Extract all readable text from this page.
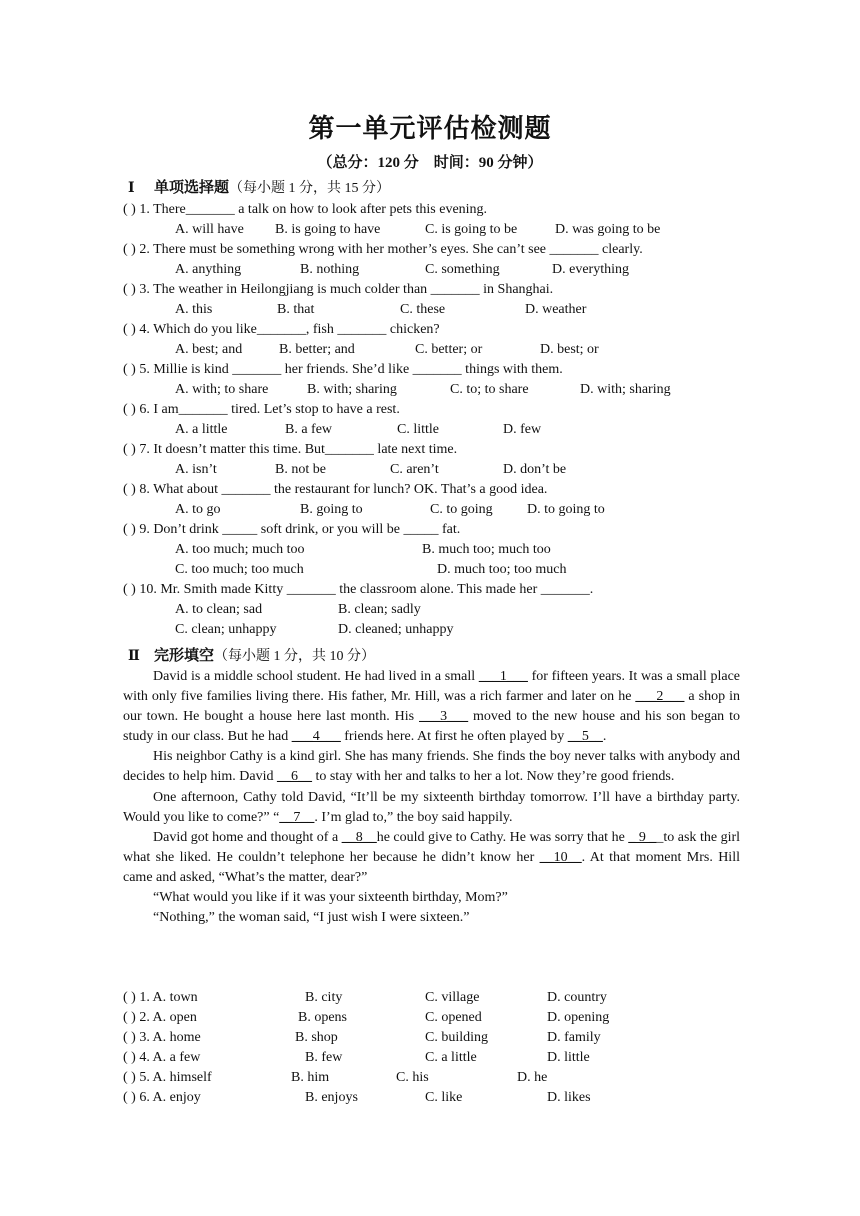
第一单元评估检测题
（总分：120 分　时间：90 分钟）
Ⅰ 单项选择题（每小题 1 分，共 15 分）
( ) 1. There_______ a talk on how to look after pets this evening.
A. will have B. is going to have	C. is going to be	D. was going to be
( ) 2. There must be something wrong with her mother’s eyes. She can’t see _______ clearly.
A. anything	B. nothing	C. something	D. everything
( ) 3. The weather in Heilongjiang is much colder than _______ in Shanghai.
A. this	B. that	C. these	D. weather
( ) 4. Which do you like_______, fish _______ chicken?
A. best; and	B. better; and	C. better; or	D. best; or
( ) 5. Millie is kind _______ her friends. She’d like _______ things with them.
A. with; to share	B. with; sharing	C. to; to share	D. with; sharing
( ) 6. I am_______ tired. Let’s stop to have a rest.
A. a little	B. a few	C. little	D. few
( ) 7. It doesn’t matter this time. But_______ late next time.
A. isn’t	B. not be	C. aren’t	D. don’t be
( ) 8. What about _______ the restaurant for lunch? OK. That’s a good idea.
A. to go	B. going to	C. to going D. to going to
( ) 9. Don’t drink _____ soft drink, or you will be _____ fat.
A. too much; much too	B. much too; much too
C. too much; too much	D. much too; too much
( ) 10. Mr. Smith made Kitty _______ the classroom alone. This made her _______.
A. to clean; sad	B. clean; sadly
C. clean; unhappy	D. cleaned; unhappy
Ⅱ 完形填空（每小题 1 分，共 10 分）

David is a middle school student. He had lived in a small ___1___ for fifteen years. It was a small place with only five families living there. His father, Mr. Hill, was a rich farmer and later on he ___2___ a shop in our town. He bought a house here last month. His ___3___ moved to the new house and his son began to study in our class. But he had ___4___ friends here. At first he often played by __5__.

His neighbor Cathy is a kind girl. She has many friends. She finds the boy never talks with anybody and decides to help him. David __6__ to stay with her and talks to her a lot. Now they’re good friends.

One afternoon, Cathy told David, “It’ll be my sixteenth birthday tomorrow. I’ll have a birthday party. Would you like to come?” “__7__. I’m glad to,” the boy said happily.

David got home and thought of a __8__he could give to Cathy. He was sorry that he _ 9 __to ask the girl what she liked. He couldn’t telephone her because he didn’t know her __10__. At that moment Mrs. Hill came and asked, “What’s the matter, dear?”

“What would you like if it was your sixteenth birthday, Mom?”

“Nothing,” the woman said, “I just wish I were sixteen.”

( ) 1. A. town	B. city	C. village	D. country
( ) 2. A. open	B. opens	C. opened	D. opening
( ) 3. A. home	B. shop	C. building	D. family
( ) 4. A. a few	B. few	C. a little	D. little
( ) 5. A. himself	B. him	C. his	D. he
( ) 6. A. enjoy	B. enjoys	C. like	D. likes
